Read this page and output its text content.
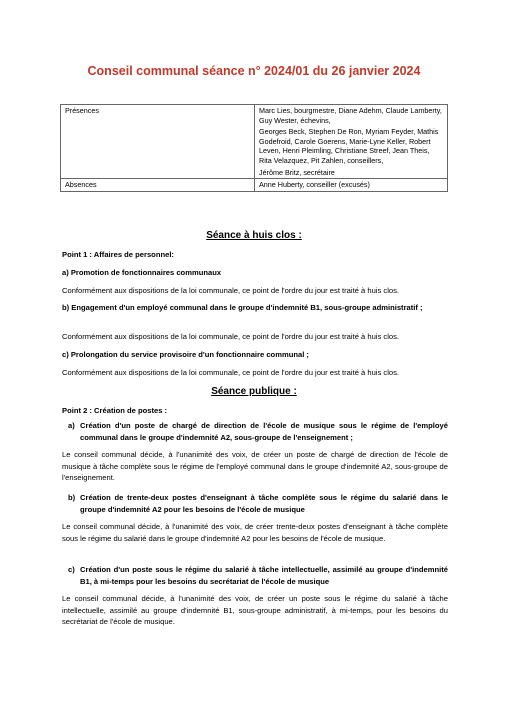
Conseil communal séance n° 2024/01 du 26 janvier 2024
Présences	Marc Lies, bourgmestre, Diane Adehm, Claude Lamberty, Guy Wester, échevins,
Georges Beck, Stephen De Ron, Myriam Feyder, Mathis Godefroid, Carole Goerens, Marie-Lyne Keller, Robert Leven, Henri Pleimling, Christiane Streef, Jean Theis, Rita Velazquez, Pit Zahlen, conseillers,
Jérôme Britz, secrétaire

Absences	Anne Huberty, conseiller (excusés)
Séance à huis clos :
Point 1 : Affaires de personnel:
a) Promotion de fonctionnaires communaux
Conformément aux dispositions de la loi communale, ce point de l'ordre du jour est traité à huis clos.
b) Engagement d'un employé communal dans le groupe d'indemnité B1, sous-groupe administratif ;
Conformément aux dispositions de la loi communale, ce point de l'ordre du jour est traité à huis clos.
c) Prolongation du service provisoire d'un fonctionnaire communal ;
Conformément aux dispositions de la loi communale, ce point de l'ordre du jour est traité à huis clos.
Séance publique :
Point 2 : Création de postes :
a) Création d'un poste de chargé de direction de l'école de musique sous le régime de l'employé communal dans le groupe d'indemnité A2, sous-groupe de l'enseignement ;
Le conseil communal décide, à l'unanimité des voix, de créer un poste de chargé de direction de l'école de musique à tâche complète sous le régime de l'employé communal dans le groupe d'indemnité A2, sous-groupe de l'enseignement.
b) Création de trente-deux postes d'enseignant à tâche complète sous le régime du salarié dans le groupe d'indemnité A2 pour les besoins de l'école de musique
Le conseil communal décide, à l'unanimité des voix, de créer trente-deux postes d'enseignant à tâche complète sous le régime du salarié dans le groupe d'indemnité A2 pour les besoins de l'école de musique.
c) Création d'un poste sous le régime du salarié à tâche intellectuelle, assimilé au groupe d'indemnité B1, à mi-temps pour les besoins du secrétariat de l'école de musique
Le conseil communal décide, à l'unanimité des voix, de créer un poste sous le régime du salarié à tâche intellectuelle, assimilé au groupe d'indemnité B1, sous-groupe administratif, à mi-temps, pour les besoins du secrétariat de l'école de musique.
